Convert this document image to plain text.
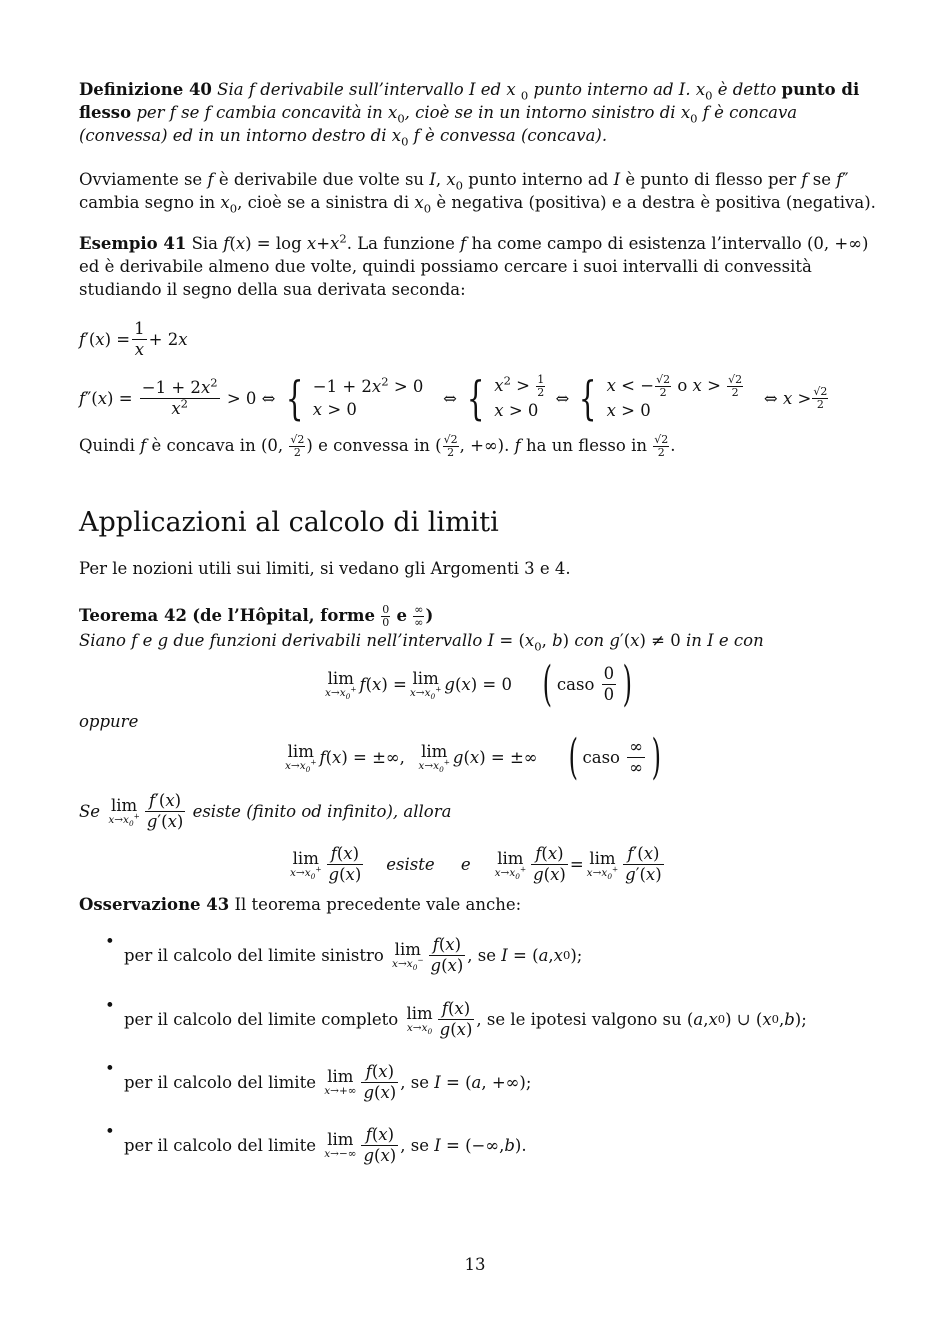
Definizione 40 Sia f derivabile sull’intervallo I ed x $_0$ punto interno ad I. $x_0$ è detto punto di flesso per f se f cambia concavità in $x_0$, cioè se in un intorno sinistro di $x_0$ f è concava (convessa) ed in un intorno destro di $x_0$ f è convessa (concava).

Ovviamente se f è derivabile due volte su I, $x_0$ punto interno ad I è punto di flesso per f se f″ cambia segno in $x_0$, cioè se a sinistra di $x_0$ è negativa (positiva) e a destra è positiva (negativa).

Esempio 41 Sia $f(x) = \log x+x^2$. La funzione f ha come campo di esistenza l’intervallo (0, +∞) ed è derivabile almeno due volte, quindi possiamo cercare i suoi intervalli di convessità studiando il segno della sua derivata seconda:

f ′( x ) = $\frac{1}{x} + 2$ x
f ″( x ) = $\frac{-1 + 2x^2}{x^2} > 0$ ⇔ { $-1 + 2x^2 > 0$
x > 0
⇔ { $x^2 > \frac{1}{2}$
x > 0
⇔ { x < − $\frac{√2}{2}$ o $x > \frac{√2}{2}$
x > 0
⇔ x > √2
2

Quindi f è concava in (0, $\frac{√2}{2}$ ) e convessa in ( $\frac{√2}{2}$ , +∞). f ha un flesso in $\frac{√2}{2}$ .

Applicazioni al calcolo di limiti

Per le nozioni utili sui limiti, si vedano gli Argomenti 3 e 4.

Teorema 42 (de l’Hôpital, forme $\frac{0}{0}$ e ∞
∞ )

Siano f e g due funzioni derivabili nell’intervallo $I = (x_0$, b) con g′(x) ≠ 0 in I e con

lim
$x\to x_0^+$ f ( x ) = lim
$x\to x_0^+$ g ( x ) = 0 ( caso
$\frac{0}{0}$ )

oppure

lim
$x\to x_0^+$ f ( x ) = ±∞, lim
$x\to x_0^+$ g ( x ) = ±∞ ( caso
$\frac{\infty}{\infty}$ )
Se
lim
$x\to x_0^+ \frac{f'(x)}{g'(x)}$
esiste (finito od infinito), allora
lim
$x\to x_0^+ \frac{f(x)}{g(x)}$
esiste
e
lim
$x\to x_0^+ \frac{f(x)}{g(x)} = \lim$
$x\to x_0^+ \frac{f'(x)}{g'(x)}$

Osservazione 43 Il teorema precedente vale anche:

• per il calcolo del limite sinistro
lim
$x\to x_0^- \frac{f(x)}{g(x)}$ , se
I = ( a , x 0 );
• per il calcolo del limite completo
lim
$x\to x_0 \frac{f(x)}{g(x)}$ , se le ipotesi valgono su ( a , x 0 ) ∪ ( x 0 , b );
• per il calcolo del limite
lim
$x\to+\infty \frac{f(x)}{g(x)}$ , se
I = ( a , +∞);
• per il calcolo del limite
lim
$x\to-\infty \frac{f(x)}{g(x)}$ , se
I = (−∞, b ).
13
